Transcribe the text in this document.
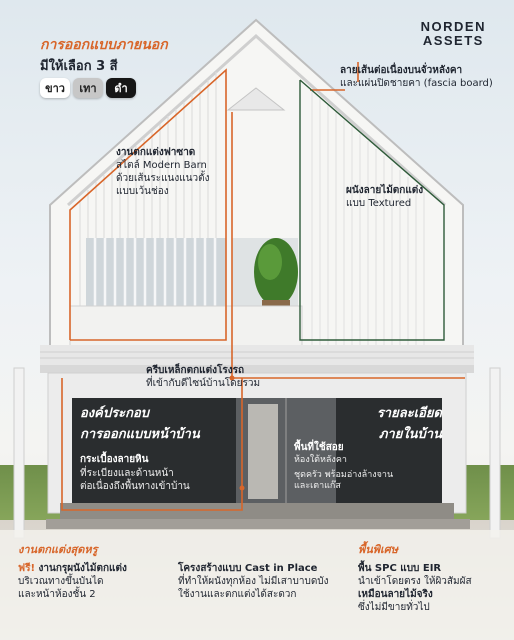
NORDEN
ASSETS
การออกแบบภายนอก
มีให้เลือก 3 สี
ขาว	เทา	ดำ
ลายเส้นต่อเนื่องบนจั่วหลังคา
และแผ่นปิดชายคา (fascia board)
งานตกแต่งฟาซาด
สไตล์ Modern Barn
ด้วยเส้นระแนงแนวตั้ง
แบบเว้นช่อง	ผนังลายไม้ตกแต่ง
แบบ Textured
ครีบเหล็กตกแต่งโรงรถ
ที่เข้ากับดีไซน์บ้านโดยรวม
องค์ประกอบ
การออกแบบหน้าบ้าน
กระเบื้องลายหิน
ที่ระเบียงและด้านหน้า
ต่อเนื่องถึงพื้นทางเข้าบ้าน
รายละเอียด
ภายในบ้าน
พื้นที่ใช้สอย
ห้องใต้หลังคา
ชุดครัว พร้อมอ่างล้างจาน
และเตาแก๊ส
งานตกแต่งสุดหรู
ฟรี! งานกรุผนังไม้ตกแต่ง
บริเวณทางขึ้นบันได
และหน้าห้องชั้น 2
โครงสร้างแบบ Cast in Place
ที่ทำให้ผนังทุกห้อง ไม่มีเสาบาบดบัง
ใช้งานและตกแต่งได้สะดวก
พื้นพิเศษ
พื้น SPC แบบ EIR
นำเข้าโดยตรง ให้ผิวสัมผัส
เหมือนลายไม้จริง
ซึ่งไม่มีขายทั่วไป
